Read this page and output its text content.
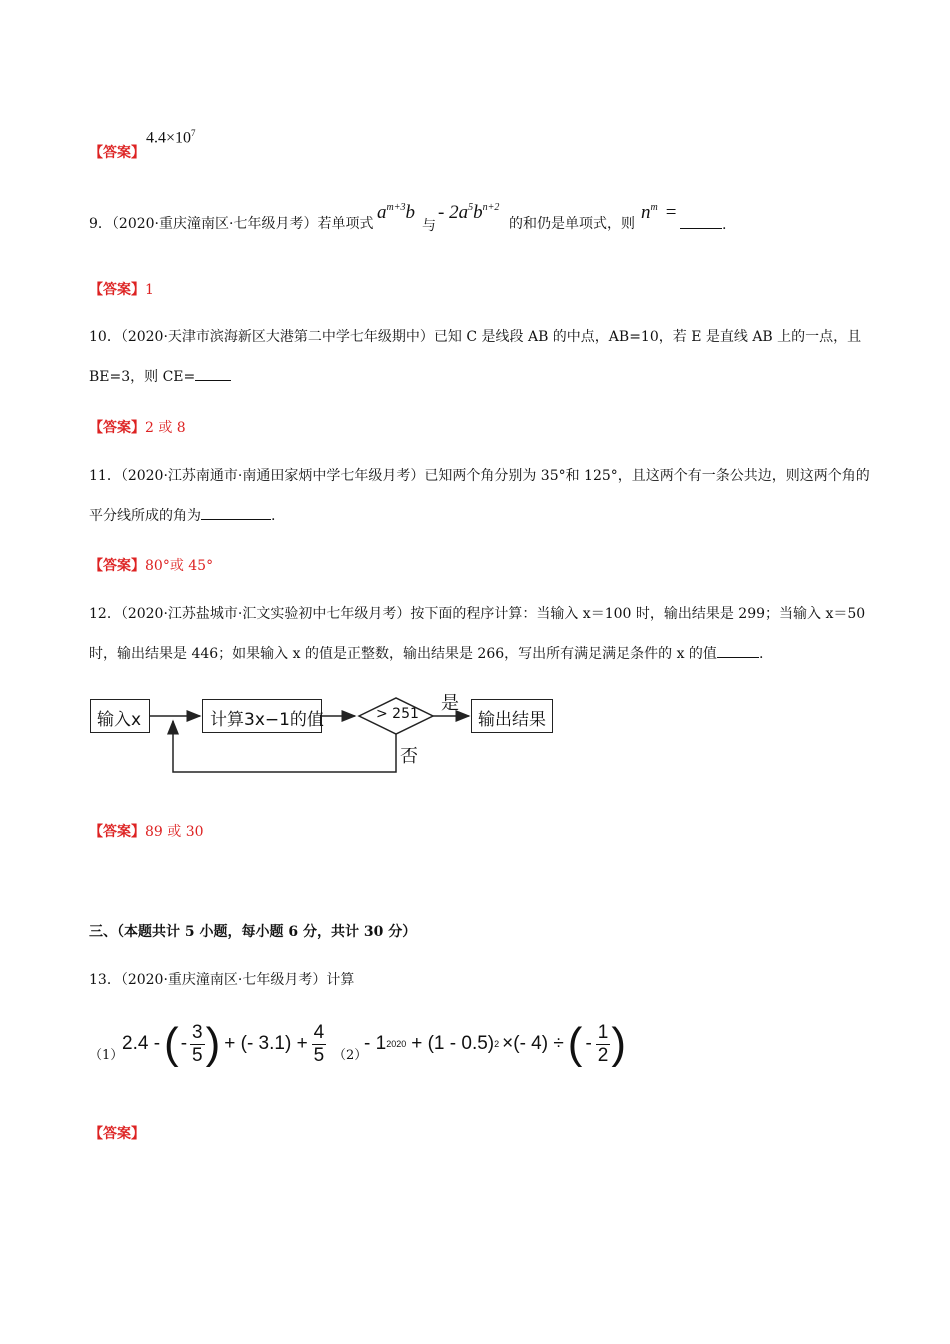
【答案】
$4.4\times 10^7$
9．（2020·重庆潼南区·七年级月考）若单项式
$a^{m+3}b$
与
- $2a^5b^{n+2}$
的和仍是单项式，则
$n^m$ =
.
【答案】1
10．（2020·天津市滨海新区大港第二中学七年级期中）已知 C 是线段 AB 的中点，AB=10，若 E 是直线 AB 上的一点，且
BE=3，则 CE=
【答案】2 或 8
11．（2020·江苏南通市·南通田家炳中学七年级月考）已知两个角分别为 35°和 125°，且这两个有一条公共边，则这两个角的
平分线所成的角为	.
【答案】80°或 45°
12．（2020·江苏盐城市·汇文实验初中七年级月考）按下面的程序计算：当输入 x＝100 时，输出结果是 299；当输入 x＝50
时，输出结果是 446；如果输入 x 的值是正整数，输出结果是 266，写出所有满足满足条件的 x 的值	.
输入x	计算3x−1的值	> 251 是
否
输出结果
【答案】89 或 30
三、（本题共计 5 小题，每小题 6 分，共计 30 分）
13．（2020·重庆潼南区·七年级月考）计算
（1）
2.4 - ( - $\frac{3}{5}$ ) + (- $3.1) + \frac{4}{5} (2)$
- 1 2020 + (1 - 0.5) 2 ×(- 4) ÷ ( - $\frac{1}{2}$ )
【答案】
